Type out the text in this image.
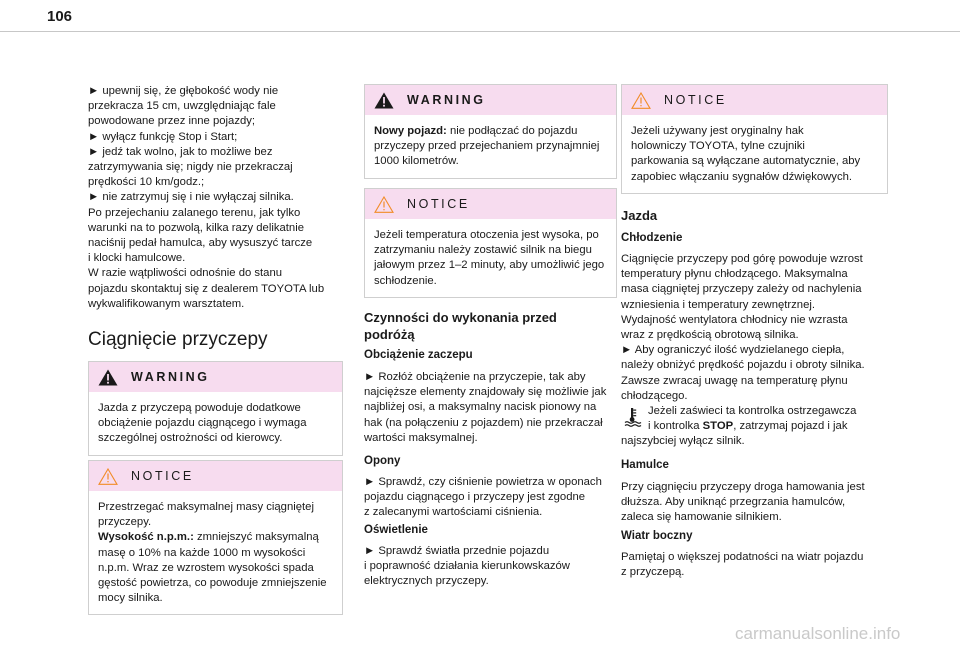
106

► upewnij się, że głębokość wody nie

przekracza 15 cm, uwzględniając fale

powodowane przez inne pojazdy;

► wyłącz funkcję Stop i Start;

► jedź tak wolno, jak to możliwe bez

zatrzymywania się; nigdy nie przekraczaj

prędkości 10 km/godz.;

► nie zatrzymuj się i nie wyłączaj silnika.

Po przejechaniu zalanego terenu, jak tylko

warunki na to pozwolą, kilka razy delikatnie

naciśnij pedał hamulca, aby wysuszyć tarcze

i klocki hamulcowe.

W razie wątpliwości odnośnie do stanu

pojazdu skontaktuj się z dealerem TOYOTA lub

wykwalifikowanym warsztatem.

Ciągnięcie przyczepy
WARNING

Jazda z przyczepą powoduje dodatkowe

obciążenie pojazdu ciągnącego i wymaga

szczególnej ostrożności od kierowcy.

NOTICE

Przestrzegać maksymalnej masy ciągniętej

przyczepy.

Wysokość n.p.m.: zmniejszyć maksymalną

masę o 10% na każde 1000 m wysokości

n.p.m. Wraz ze wzrostem wysokości spada

gęstość powietrza, co powoduje zmniejszenie

mocy silnika.

WARNING

Nowy pojazd: nie podłączać do pojazdu

przyczepy przed przejechaniem przynajmniej

1000 kilometrów.

NOTICE

Jeżeli temperatura otoczenia jest wysoka, po

zatrzymaniu należy zostawić silnik na biegu

jałowym przez 1–2 minuty, aby umożliwić jego

schłodzenie.

Czynności do wykonania przed
podróżą
Obciążenie zaczepu

► Rozłóż obciążenie na przyczepie, tak aby

najcięższe elementy znajdowały się możliwie jak

najbliżej osi, a maksymalny nacisk pionowy na

hak (na połączeniu z pojazdem) nie przekraczał

wartości maksymalnej.

Opony

► Sprawdź, czy ciśnienie powietrza w oponach

pojazdu ciągnącego i przyczepy jest zgodne

z zalecanymi wartościami ciśnienia.

Oświetlenie

► Sprawdź światła przednie pojazdu

i poprawność działania kierunkowskazów

elektrycznych przyczepy.

NOTICE

Jeżeli używany jest oryginalny hak

holowniczy TOYOTA, tylne czujniki

parkowania są wyłączane automatycznie, aby

zapobiec włączaniu sygnałów dźwiękowych.

Jazda
Chłodzenie

Ciągnięcie przyczepy pod górę powoduje wzrost

temperatury płynu chłodzącego. Maksymalna

masa ciągniętej przyczepy zależy od nachylenia

wzniesienia i temperatury zewnętrznej.

Wydajność wentylatora chłodnicy nie wzrasta

wraz z prędkością obrotową silnika.

► Aby ograniczyć ilość wydzielanego ciepła,

należy obniżyć prędkość pojazdu i obroty silnika.

Zawsze zwracaj uwagę na temperaturę płynu

chłodzącego.

Jeżeli zaświeci ta kontrolka ostrzegawcza

i kontrolka STOP, zatrzymaj pojazd i jak

najszybciej wyłącz silnik.

Hamulce

Przy ciągnięciu przyczepy droga hamowania jest

dłuższa. Aby uniknąć przegrzania hamulców,

zaleca się hamowanie silnikiem.

Wiatr boczny

Pamiętaj o większej podatności na wiatr pojazdu

z przyczepą.

carmanualsonline.info
